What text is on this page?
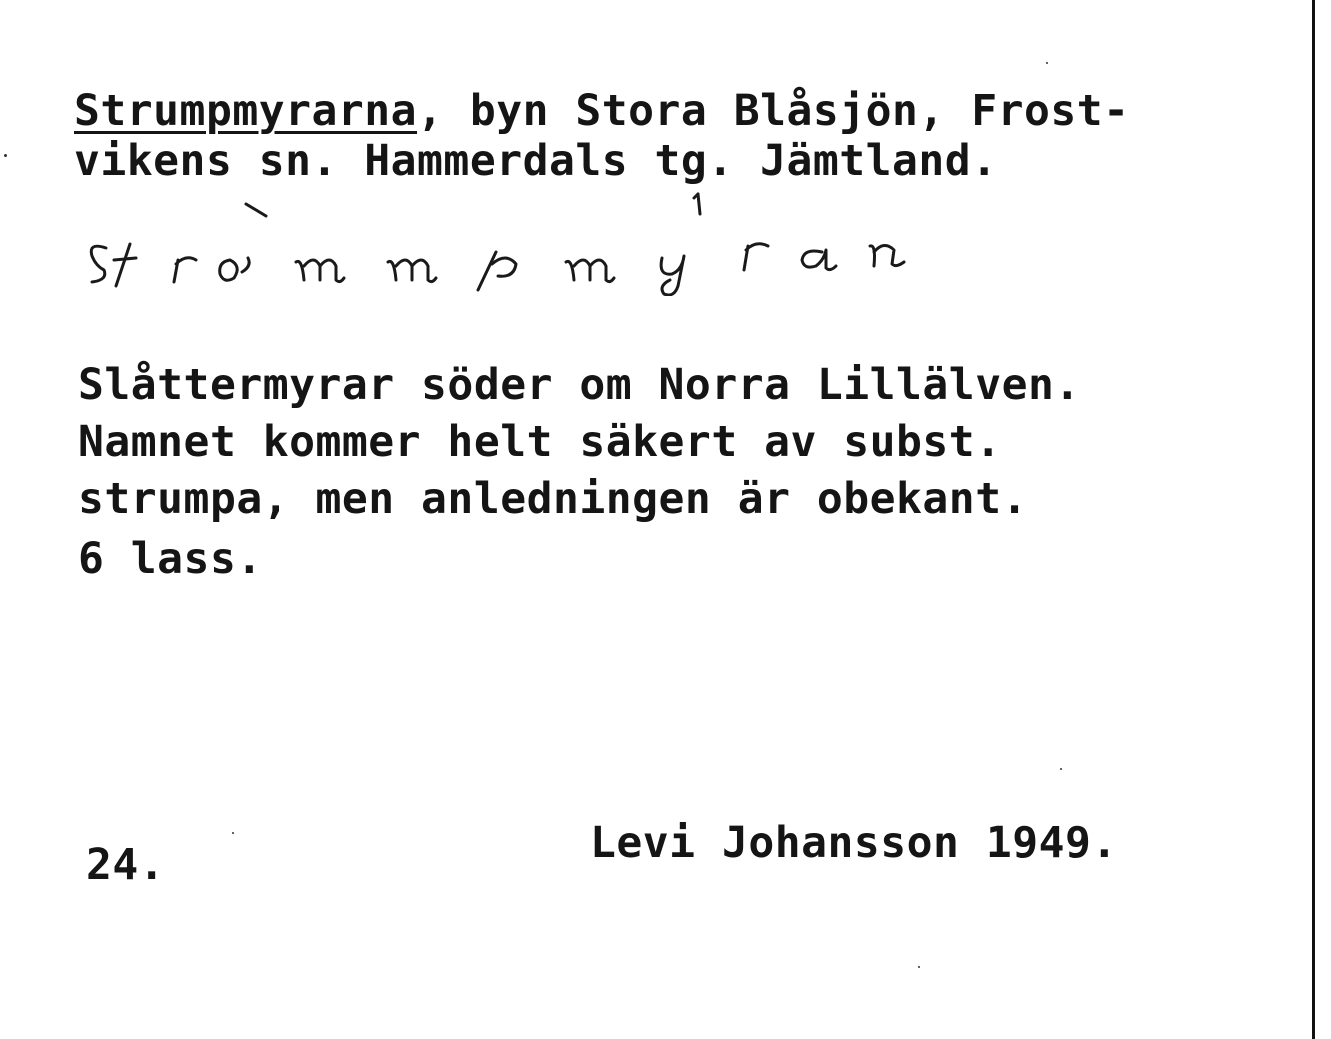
Strumpmyrarna, byn Stora Blåsjön, Frost-
vikens sn. Hammerdals tg. Jämtland.
Slåttermyrar söder om Norra Lillälven.
Namnet kommer helt säkert av subst.
strumpa, men anledningen är obekant.
6 lass.
24.	Levi Johansson 1949.
